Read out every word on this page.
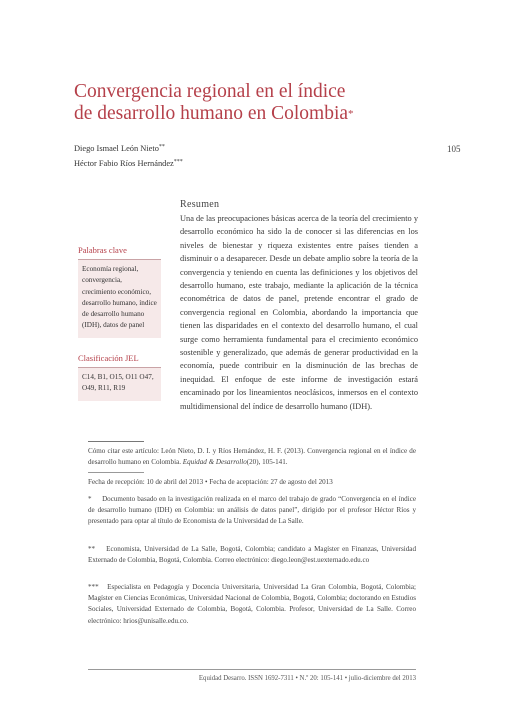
Convergencia regional en el índice
de desarrollo humano en Colombia*
Diego Ismael León Nieto**
Héctor Fabio Ríos Hernández***
105
Resumen
Una de las preocupaciones básicas acerca de la teoría del crecimiento y desarrollo económico ha sido la de conocer si las diferencias en los niveles de bienestar y riqueza existentes entre países tienden a disminuir o a desaparecer. Desde un debate amplio sobre la teoría de la convergencia y teniendo en cuenta las definiciones y los objetivos del desarrollo humano, este trabajo, mediante la aplicación de la técnica econométrica de datos de panel, pretende encontrar el grado de convergencia regional en Colombia, abordando la importancia que tienen las disparidades en el contexto del desarrollo humano, el cual surge como herramienta fundamental para el crecimiento económico sostenible y generalizado, que además de generar productividad en la economía, puede contribuir en la disminución de las brechas de inequidad. El enfoque de este informe de investigación estará encaminado por los lineamientos neoclásicos, inmersos en el contexto multidimensional del índice de desarrollo humano (IDH).
Palabras clave
Economía regional, convergencia, crecimiento económico, desarrollo humano, índice de desarrollo humano (IDH), datos de panel
Clasificación JEL
C14, B1, O15, O11 O47, O49, R11, R19
Cómo citar este artículo: León Nieto, D. I. y Ríos Hernández, H. F. (2013). Convergencia regional en el índice de desarrollo humano en Colombia. Equidad & Desarrollo(20), 105-141.
Fecha de recepción: 10 de abril del 2013 • Fecha de aceptación: 27 de agosto del 2013
* Documento basado en la investigación realizada en el marco del trabajo de grado “Convergencia en el índice de desarrollo humano (IDH) en Colombia: un análisis de datos panel”, dirigido por el profesor Héctor Ríos y presentado para optar al título de Economista de la Universidad de La Salle.
** Economista, Universidad de La Salle, Bogotá, Colombia; candidato a Magíster en Finanzas, Universidad Externado de Colombia, Bogotá, Colombia. Correo electrónico: diego.leon@est.uexternado.edu.co
*** Especialista en Pedagogía y Docencia Universitaria, Universidad La Gran Colombia, Bogotá, Colombia; Magíster en Ciencias Económicas, Universidad Nacional de Colombia, Bogotá, Colombia; doctorando en Estudios Sociales, Universidad Externado de Colombia, Bogotá, Colombia. Profesor, Universidad de La Salle. Correo electrónico: hrios@unisalle.edu.co.
Equidad Desarro. ISSN 1692-7311 • N.º 20: 105-141 • julio-diciembre del 2013
